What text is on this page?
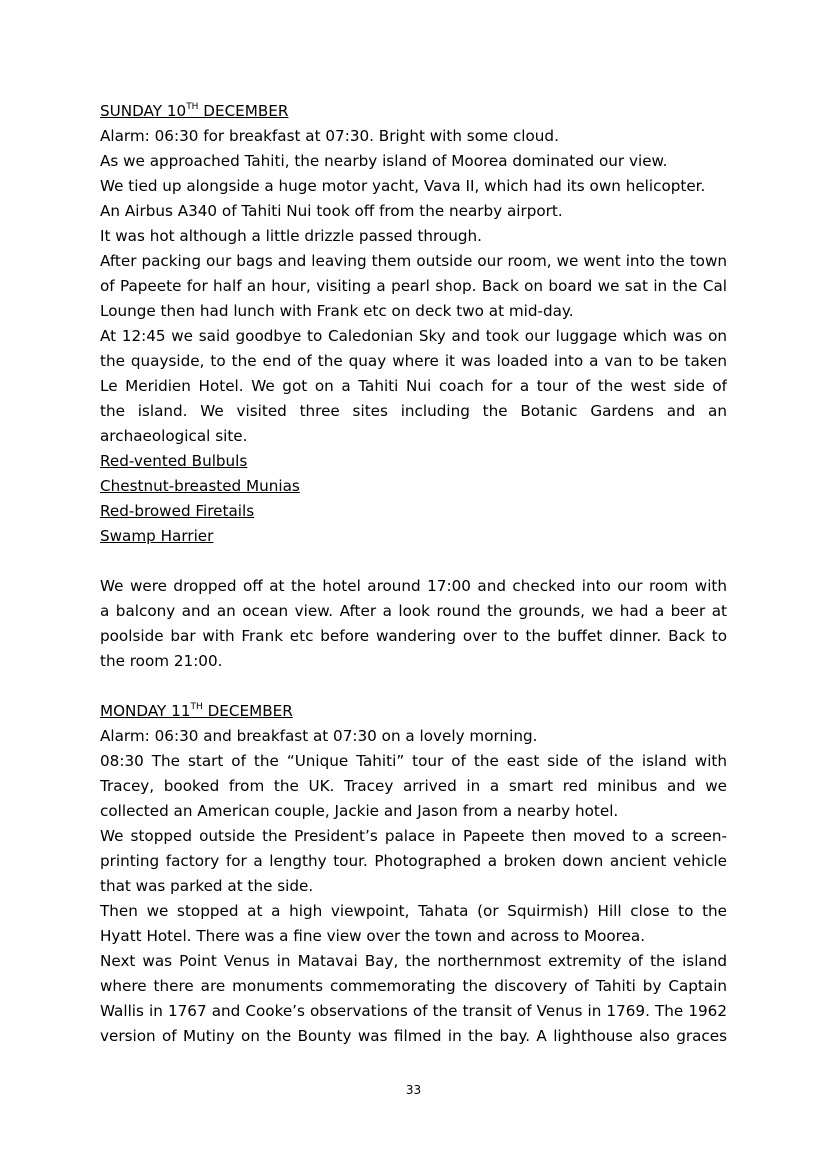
SUNDAY 10TH DECEMBER
Alarm: 06:30 for breakfast at 07:30. Bright with some cloud.
As we approached Tahiti, the nearby island of Moorea dominated our view.
We tied up alongside a huge motor yacht, Vava II, which had its own helicopter.
An Airbus A340 of Tahiti Nui took off from the nearby airport.
It was hot although a little drizzle passed through.
After packing our bags and leaving them outside our room, we went into the town
of Papeete for half an hour, visiting a pearl shop. Back on board we sat in the Cal
Lounge then had lunch with Frank etc on deck two at mid-day.
At 12:45 we said goodbye to Caledonian Sky and took our luggage which was on
the quayside, to the end of the quay where it was loaded into a van to be taken
Le Meridien Hotel. We got on a Tahiti Nui coach for a tour of the west side of
the island. We visited three sites including the Botanic Gardens and an
archaeological site.
Red-vented Bulbuls
Chestnut-breasted Munias
Red-browed Firetails
Swamp Harrier
We were dropped off at the hotel around 17:00 and checked into our room with
a balcony and an ocean view. After a look round the grounds, we had a beer at
poolside bar with Frank etc before wandering over to the buffet dinner. Back to
the room 21:00.
MONDAY 11TH DECEMBER
Alarm: 06:30 and breakfast at 07:30 on a lovely morning.
08:30 The start of the “Unique Tahiti” tour of the east side of the island with
Tracey, booked from the UK. Tracey arrived in a smart red minibus and we
collected an American couple, Jackie and Jason from a nearby hotel.
We stopped outside the President’s palace in Papeete then moved to a screen-
printing factory for a lengthy tour. Photographed a broken down ancient vehicle
that was parked at the side.
Then we stopped at a high viewpoint, Tahata (or Squirmish) Hill close to the
Hyatt Hotel. There was a fine view over the town and across to Moorea.
Next was Point Venus in Matavai Bay, the northernmost extremity of the island
where there are monuments commemorating the discovery of Tahiti by Captain
Wallis in 1767 and Cooke’s observations of the transit of Venus in 1769. The 1962
version of Mutiny on the Bounty was filmed in the bay. A lighthouse also graces
33
